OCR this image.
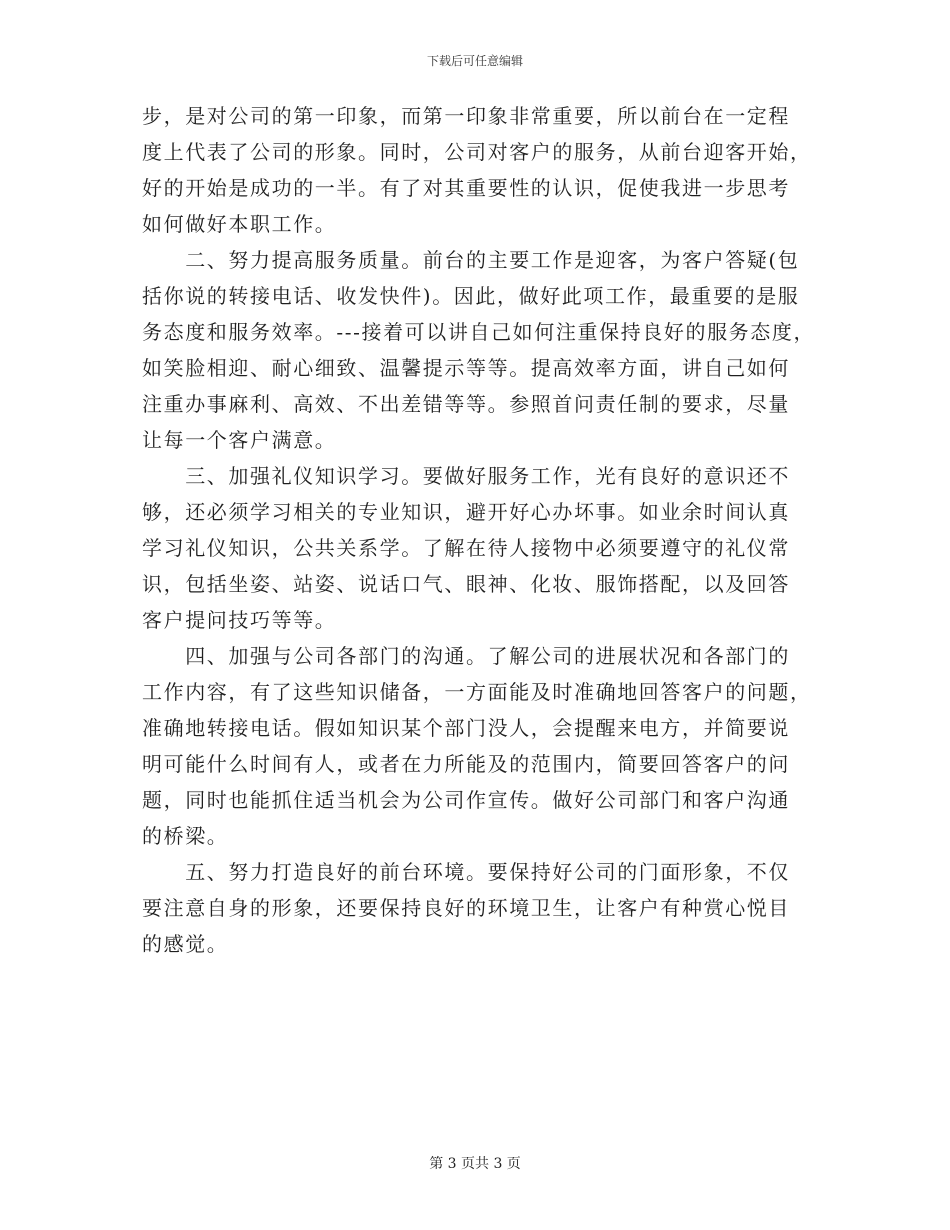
下载后可任意编辑
步，是对公司的第一印象，而第一印象非常重要，所以前台在一定程
度上代表了公司的形象。同时，公司对客户的服务，从前台迎客开始，
好的开始是成功的一半。有了对其重要性的认识，促使我进一步思考
如何做好本职工作。
　　二、努力提高服务质量。前台的主要工作是迎客，为客户答疑(包
括你说的转接电话、收发快件)。因此，做好此项工作，最重要的是服
务态度和服务效率。---接着可以讲自己如何注重保持良好的服务态度，
如笑脸相迎、耐心细致、温馨提示等等。提高效率方面，讲自己如何
注重办事麻利、高效、不出差错等等。参照首问责任制的要求，尽量
让每一个客户满意。
　　三、加强礼仪知识学习。要做好服务工作，光有良好的意识还不
够，还必须学习相关的专业知识，避开好心办坏事。如业余时间认真
学习礼仪知识，公共关系学。了解在待人接物中必须要遵守的礼仪常
识，包括坐姿、站姿、说话口气、眼神、化妆、服饰搭配，以及回答
客户提问技巧等等。
　　四、加强与公司各部门的沟通。了解公司的进展状况和各部门的
工作内容，有了这些知识储备，一方面能及时准确地回答客户的问题，
准确地转接电话。假如知识某个部门没人，会提醒来电方，并简要说
明可能什么时间有人，或者在力所能及的范围内，简要回答客户的问
题，同时也能抓住适当机会为公司作宣传。做好公司部门和客户沟通
的桥梁。
　　五、努力打造良好的前台环境。要保持好公司的门面形象，不仅
要注意自身的形象，还要保持良好的环境卫生，让客户有种赏心悦目
的感觉。
第 3 页共 3 页
